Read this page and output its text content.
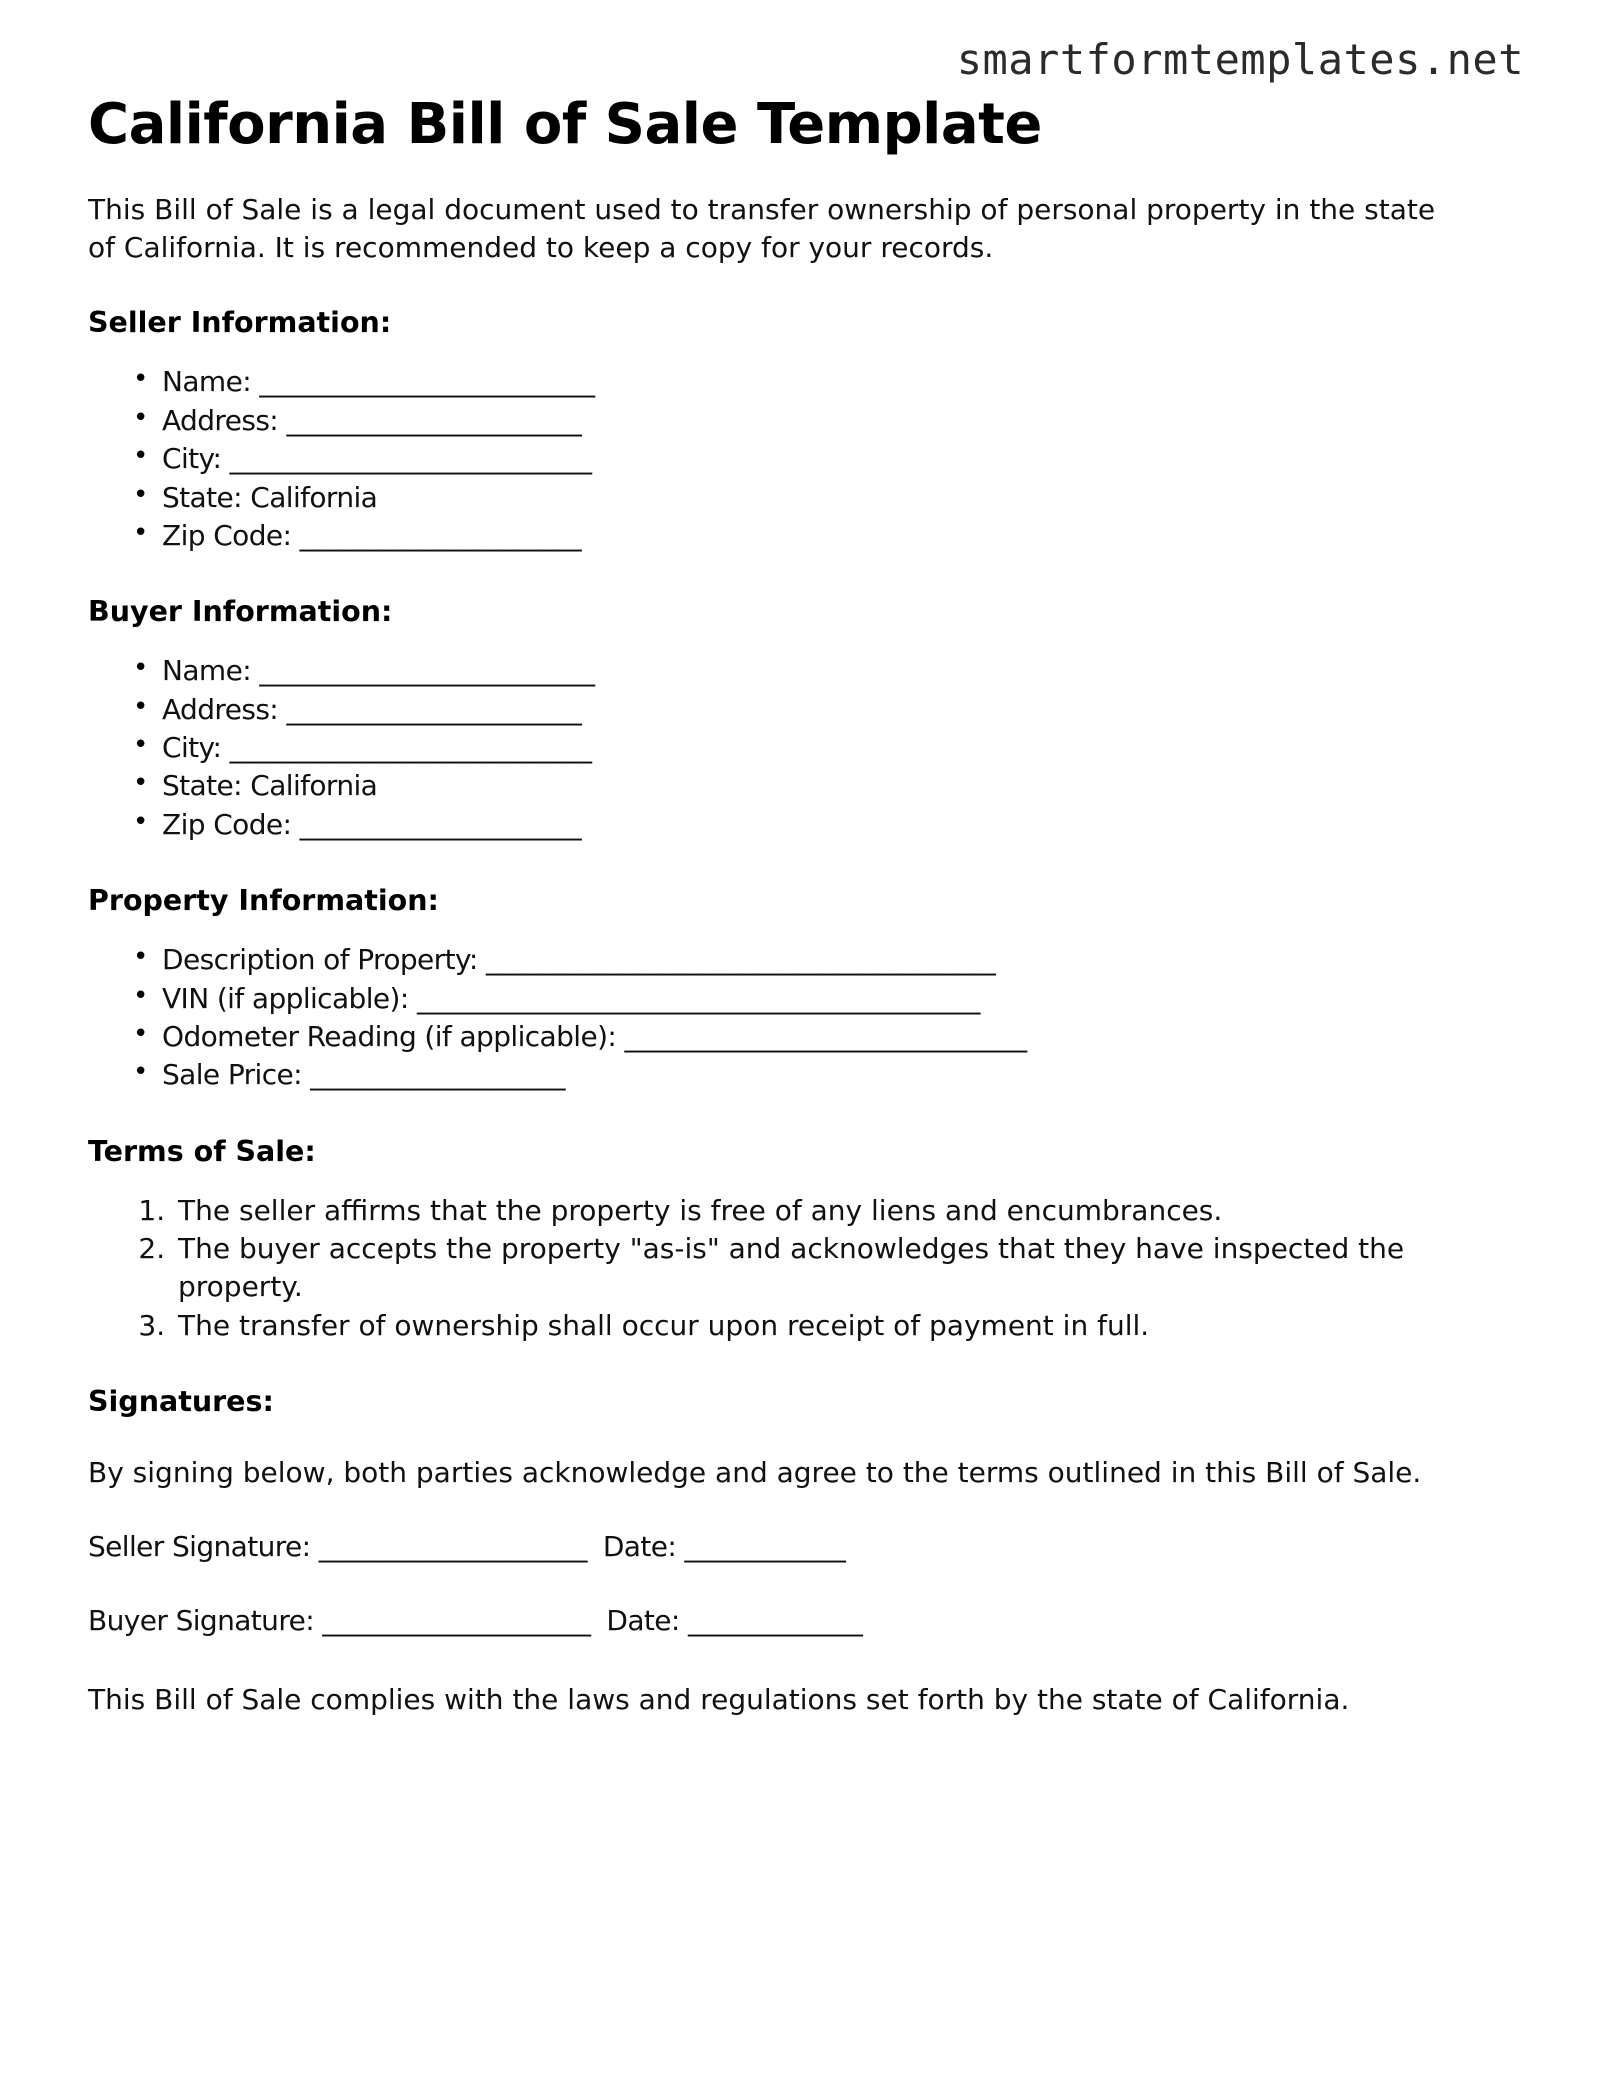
smartformtemplates.net
California Bill of Sale Template

This Bill of Sale is a legal document used to transfer ownership of personal property in the state of California. It is recommended to keep a copy for your records.

Seller Information:
• Name: _________________________
• Address: ______________________
• City: ___________________________
• State: California
• Zip Code: _____________________
Buyer Information:
• Name: _________________________
• Address: ______________________
• City: ___________________________
• State: California
• Zip Code: _____________________
Property Information:
• Description of Property: ______________________________________
• VIN (if applicable): __________________________________________
• Odometer Reading (if applicable): ______________________________
• Sale Price: ___________________
Terms of Sale:
1. The seller affirms that the property is free of any liens and encumbrances.
2. The buyer accepts the property "as-is" and acknowledges that they have inspected the property.
3. The transfer of ownership shall occur upon receipt of payment in full.
Signatures:

By signing below, both parties acknowledge and agree to the terms outlined in this Bill of Sale.

Seller Signature: ____________________ Date: ____________
Buyer Signature: ____________________ Date: _____________

This Bill of Sale complies with the laws and regulations set forth by the state of California.
